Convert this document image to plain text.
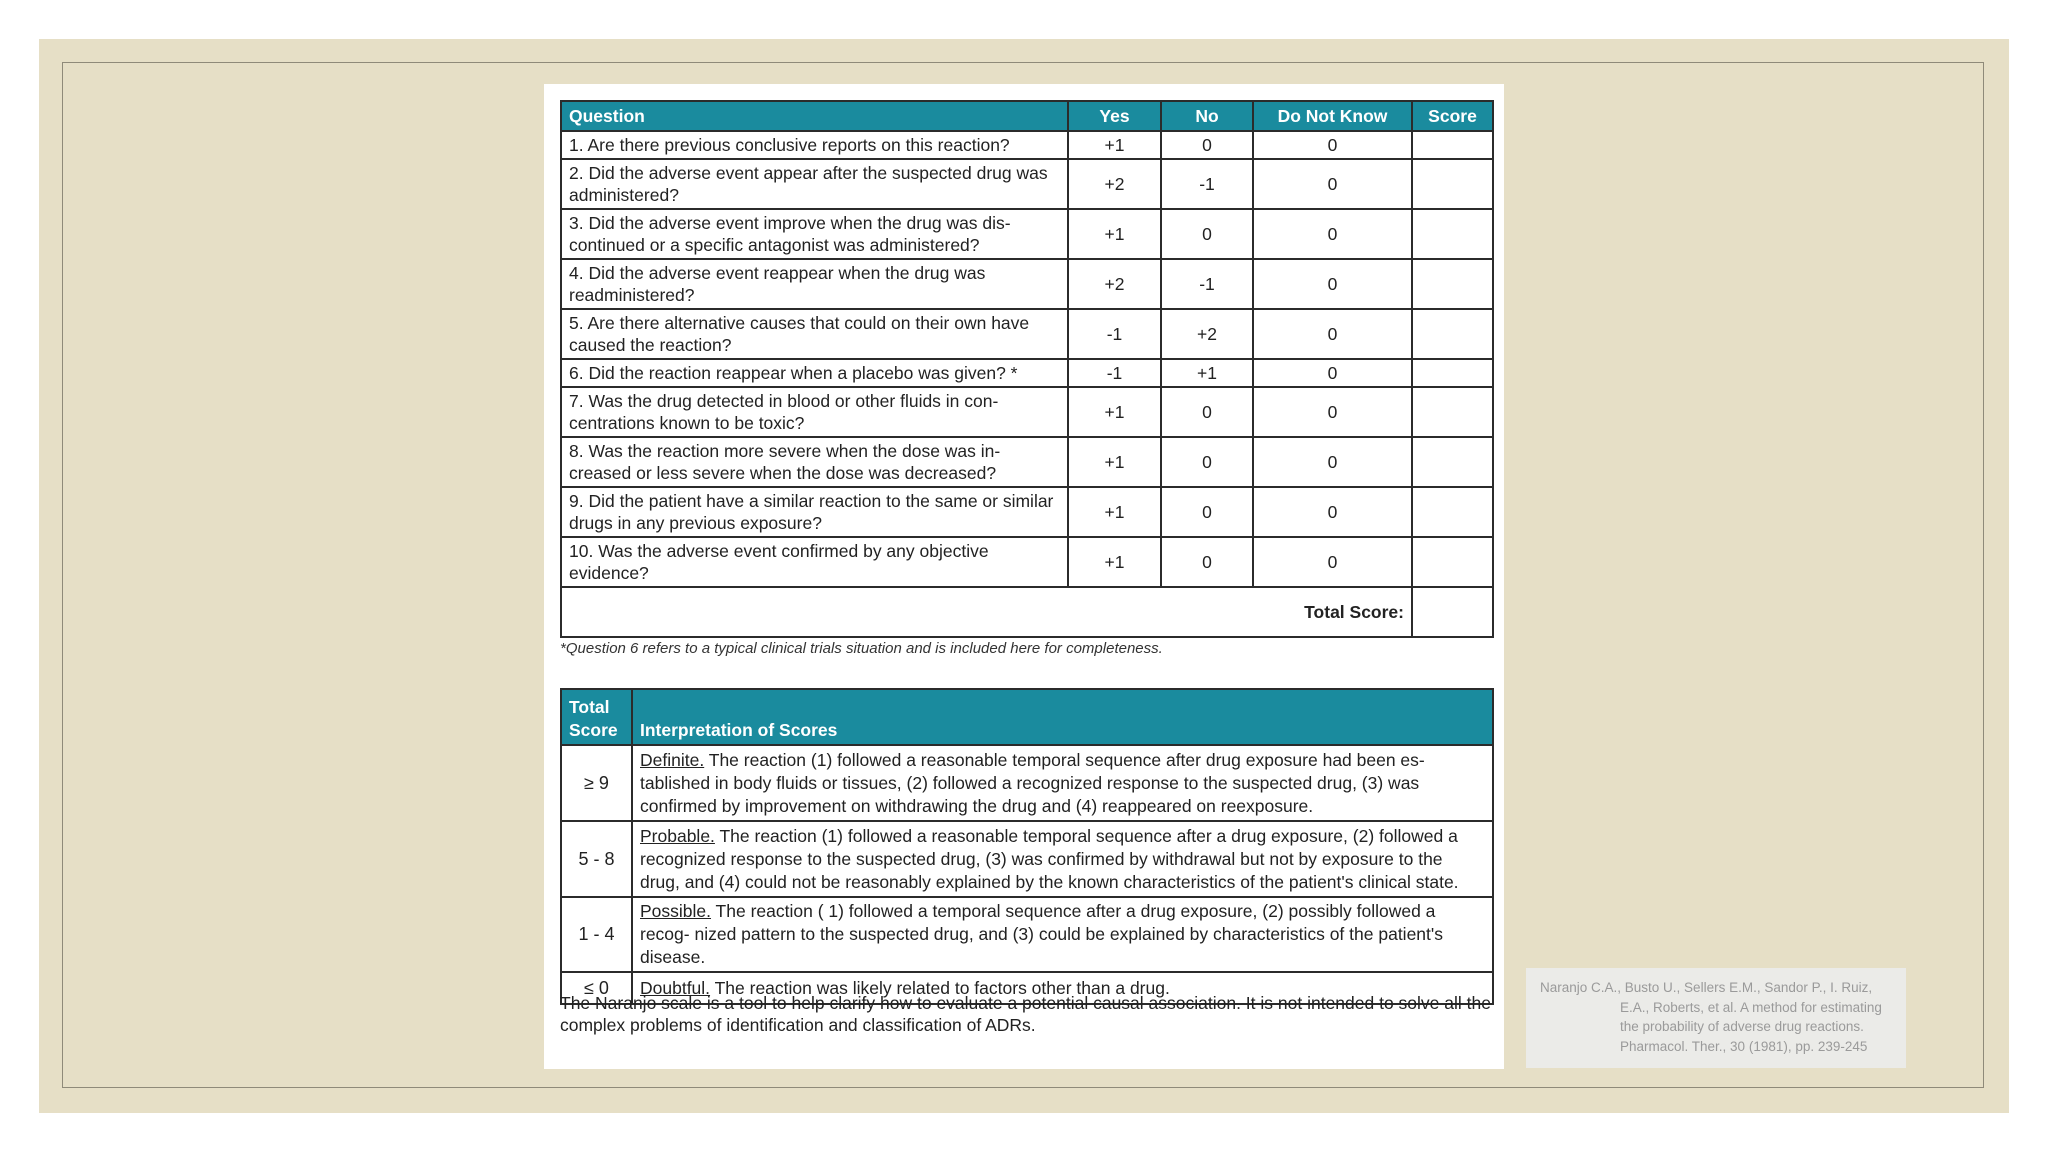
Question	Yes	No	Do Not Know	Score
1. Are there previous conclusive reports on this reaction?	+1	0	0	
2. Did the adverse event appear after the suspected drug was administered?	+2	-1	0	
3. Did the adverse event improve when the drug was dis- continued or a specific antagonist was administered?	+1	0	0	
4. Did the adverse event reappear when the drug was readministered?	+2	-1	0	
5. Are there alternative causes that could on their own have caused the reaction?	-1	+2	0	
6. Did the reaction reappear when a placebo was given? *	-1	+1	0	
7. Was the drug detected in blood or other fluids in con- centrations known to be toxic?	+1	0	0	
8. Was the reaction more severe when the dose was in- creased or less severe when the dose was decreased?	+1	0	0	
9. Did the patient have a similar reaction to the same or similar drugs in any previous exposure?	+1	0	0	
10. Was the adverse event confirmed by any objective evidence?	+1	0	0	
Total Score:				
*Question 6 refers to a typical clinical trials situation and is included here for completeness.
Total
Score	Interpretation of Scores
≥ 9	Definite. The reaction (1) followed a reasonable temporal sequence after drug exposure had been es- tablished in body fluids or tissues, (2) followed a recognized response to the suspected drug, (3) was confirmed by improvement on withdrawing the drug and (4) reappeared on reexposure.
5 - 8	Probable. The reaction (1) followed a reasonable temporal sequence after a drug exposure, (2) followed a recognized response to the suspected drug, (3) was confirmed by withdrawal but not by exposure to the drug, and (4) could not be reasonably explained by the known characteristics of the patient's clinical state.
1 - 4	Possible. The reaction ( 1) followed a temporal sequence after a drug exposure, (2) possibly followed a recog- nized pattern to the suspected drug, and (3) could be explained by characteristics of the patient's disease.
≤ 0	Doubtful. The reaction was likely related to factors other than a drug.
The Naranjo scale is a tool to help clarify how to evaluate a potential causal association. It is not intended to solve all the complex problems of identification and classification of ADRs.
Naranjo C.A., Busto U., Sellers E.M., Sandor P., I. Ruiz,
E.A., Roberts, et al. A method for estimating
the probability of adverse drug reactions.
Pharmacol. Ther., 30 (1981), pp. 239-245
